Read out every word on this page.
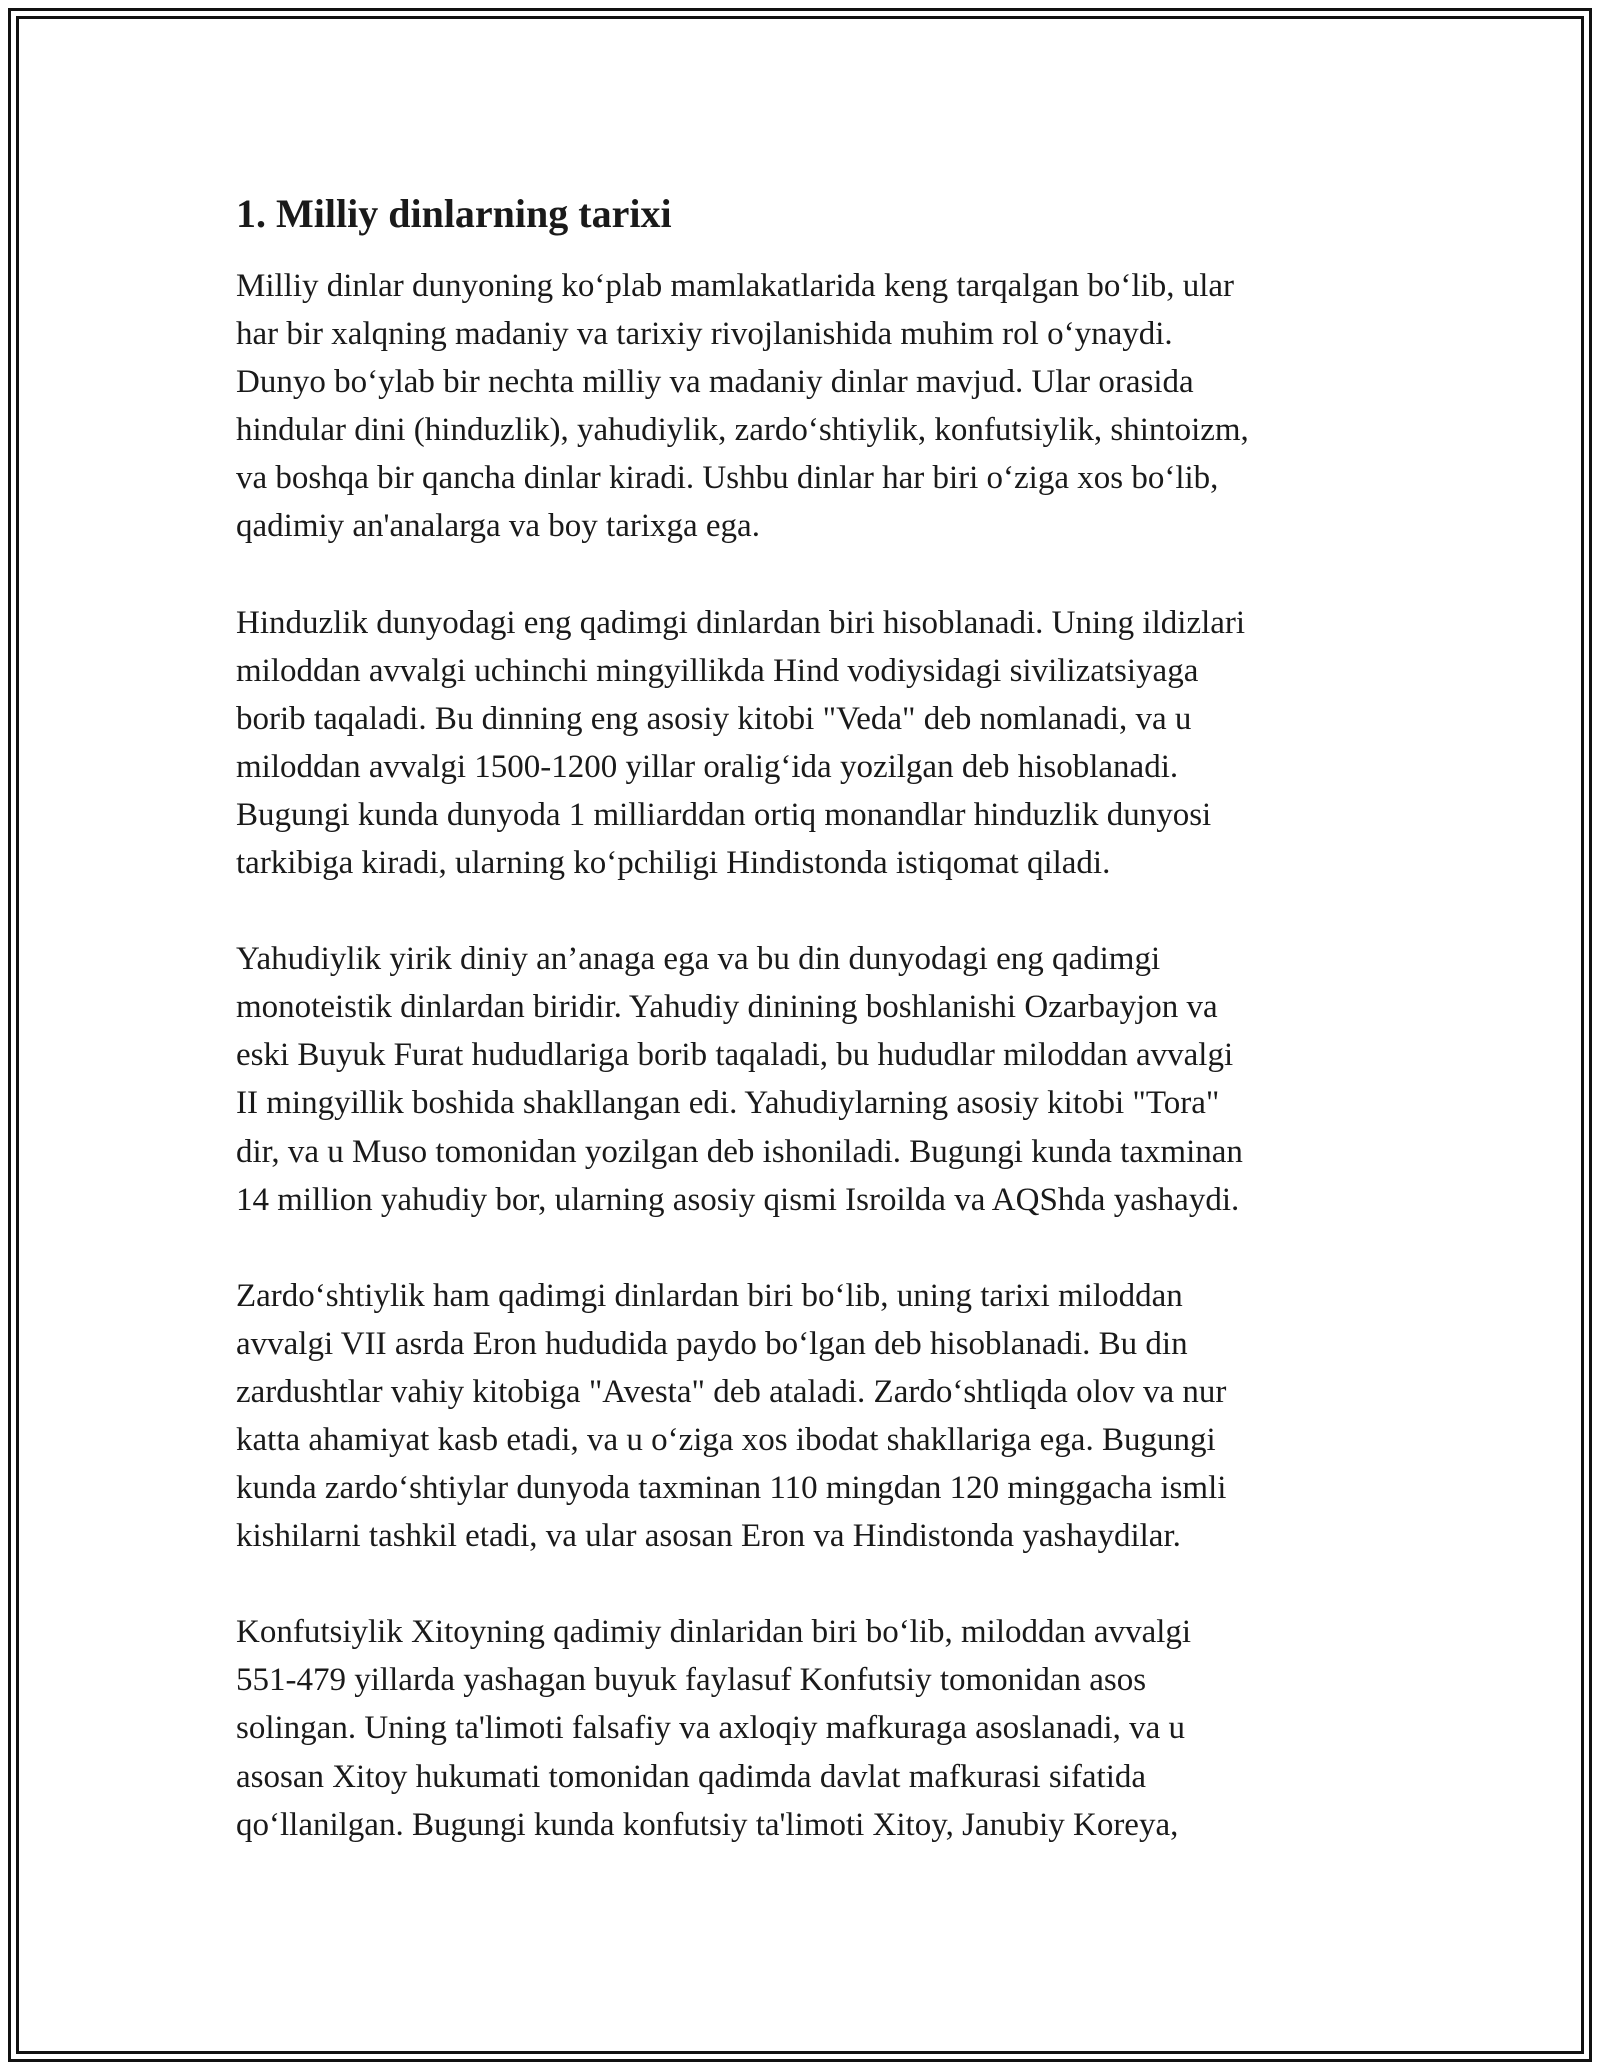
1. Milliy dinlarning tarixi

Milliy dinlar dunyoning ko‘plab mamlakatlarida keng tarqalgan bo‘lib, ular
har bir xalqning madaniy va tarixiy rivojlanishida muhim rol o‘ynaydi.
Dunyo bo‘ylab bir nechta milliy va madaniy dinlar mavjud. Ular orasida
hindular dini (hinduzlik), yahudiylik, zardo‘shtiylik, konfutsiylik, shintoizm,
va boshqa bir qancha dinlar kiradi. Ushbu dinlar har biri o‘ziga xos bo‘lib,
qadimiy an'analarga va boy tarixga ega.

Hinduzlik dunyodagi eng qadimgi dinlardan biri hisoblanadi. Uning ildizlari
miloddan avvalgi uchinchi mingyillikda Hind vodiysidagi sivilizatsiyaga
borib taqaladi. Bu dinning eng asosiy kitobi "Veda" deb nomlanadi, va u
miloddan avvalgi 1500-1200 yillar oralig‘ida yozilgan deb hisoblanadi.
Bugungi kunda dunyoda 1 milliarddan ortiq monandlar hinduzlik dunyosi
tarkibiga kiradi, ularning ko‘pchiligi Hindistonda istiqomat qiladi.

Yahudiylik yirik diniy an’anaga ega va bu din dunyodagi eng qadimgi
monoteistik dinlardan biridir. Yahudiy dinining boshlanishi Ozarbayjon va
eski Buyuk Furat hududlariga borib taqaladi, bu hududlar miloddan avvalgi
II mingyillik boshida shakllangan edi. Yahudiylarning asosiy kitobi "Tora"
dir, va u Muso tomonidan yozilgan deb ishoniladi. Bugungi kunda taxminan
14 million yahudiy bor, ularning asosiy qismi Isroilda va AQShda yashaydi.

Zardo‘shtiylik ham qadimgi dinlardan biri bo‘lib, uning tarixi miloddan
avvalgi VII asrda Eron hududida paydo bo‘lgan deb hisoblanadi. Bu din
zardushtlar vahiy kitobiga "Avesta" deb ataladi. Zardo‘shtliqda olov va nur
katta ahamiyat kasb etadi, va u o‘ziga xos ibodat shakllariga ega. Bugungi
kunda zardo‘shtiylar dunyoda taxminan 110 mingdan 120 minggacha ismli
kishilarni tashkil etadi, va ular asosan Eron va Hindistonda yashaydilar.

Konfutsiylik Xitoyning qadimiy dinlaridan biri bo‘lib, miloddan avvalgi
551-479 yillarda yashagan buyuk faylasuf Konfutsiy tomonidan asos
solingan. Uning ta'limoti falsafiy va axloqiy mafkuraga asoslanadi, va u
asosan Xitoy hukumati tomonidan qadimda davlat mafkurasi sifatida
qo‘llanilgan. Bugungi kunda konfutsiy ta'limoti Xitoy, Janubiy Koreya,
